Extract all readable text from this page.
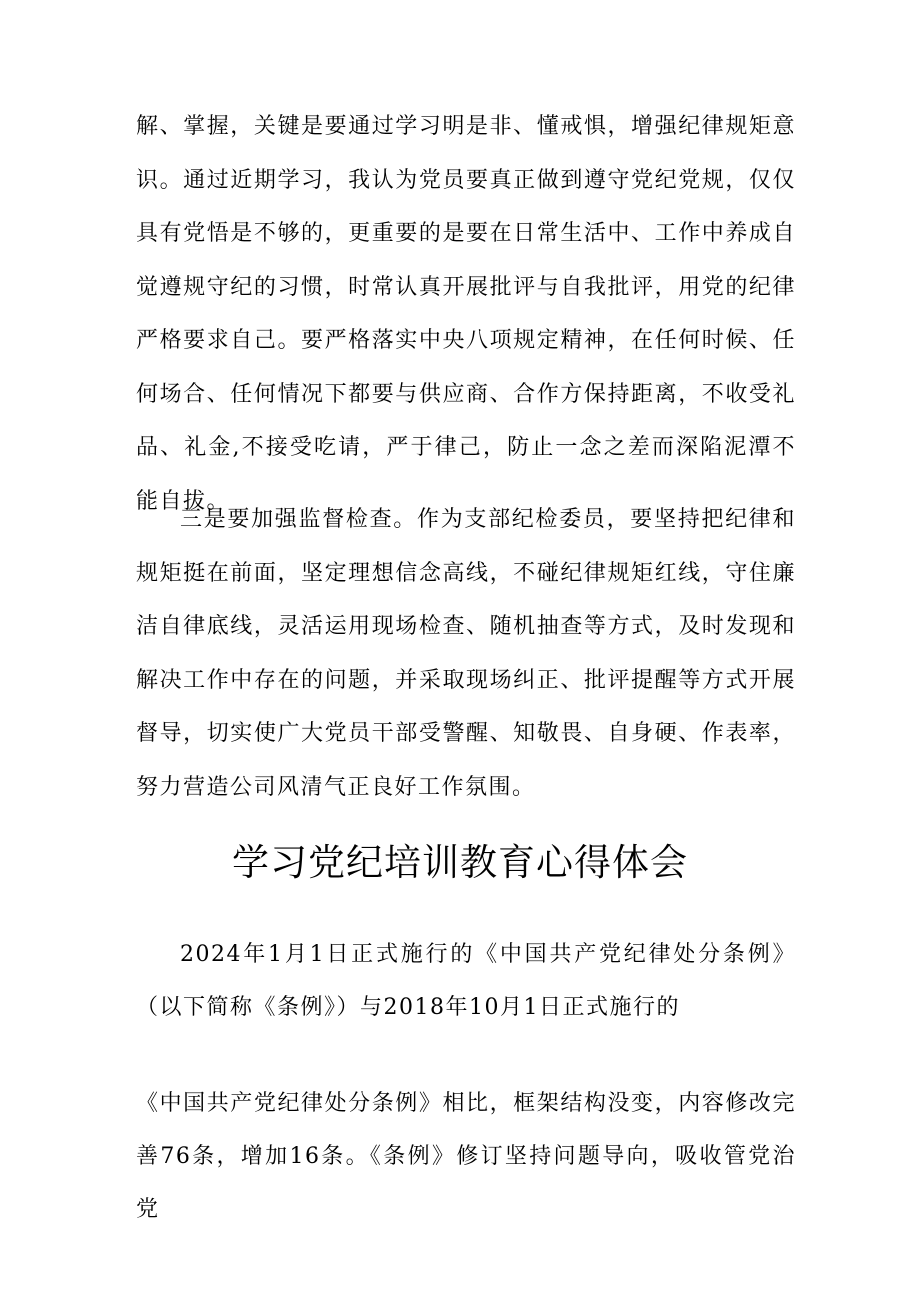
解、掌握，关键是要通过学习明是非、懂戒惧，增强纪律规矩意识。通过近期学习，我认为党员要真正做到遵守党纪党规，仅仅具有党悟是不够的，更重要的是要在日常生活中、工作中养成自觉遵规守纪的习惯，时常认真开展批评与自我批评，用党的纪律严格要求自己。要严格落实中央八项规定精神，在任何时候、任何场合、任何情况下都要与供应商、合作方保持距离，不收受礼品、礼金,不接受吃请，严于律己，防止一念之差而深陷泥潭不能自拔。

三是要加强监督检查。作为支部纪检委员，要坚持把纪律和规矩挺在前面，坚定理想信念高线，不碰纪律规矩红线，守住廉洁自律底线，灵活运用现场检查、随机抽查等方式，及时发现和解决工作中存在的问题，并采取现场纠正、批评提醒等方式开展督导，切实使广大党员干部受警醒、知敬畏、自身硬、作表率，努力营造公司风清气正良好工作氛围。

学习党纪培训教育心得体会

2024年1月1日正式施行的《中国共产党纪律处分条例》（以下简称《条例》）与2018年10月1日正式施行的

《中国共产党纪律处分条例》相比，框架结构没变，内容修改完善76条，增加16条。《条例》修订坚持问题导向，吸收管党治党
